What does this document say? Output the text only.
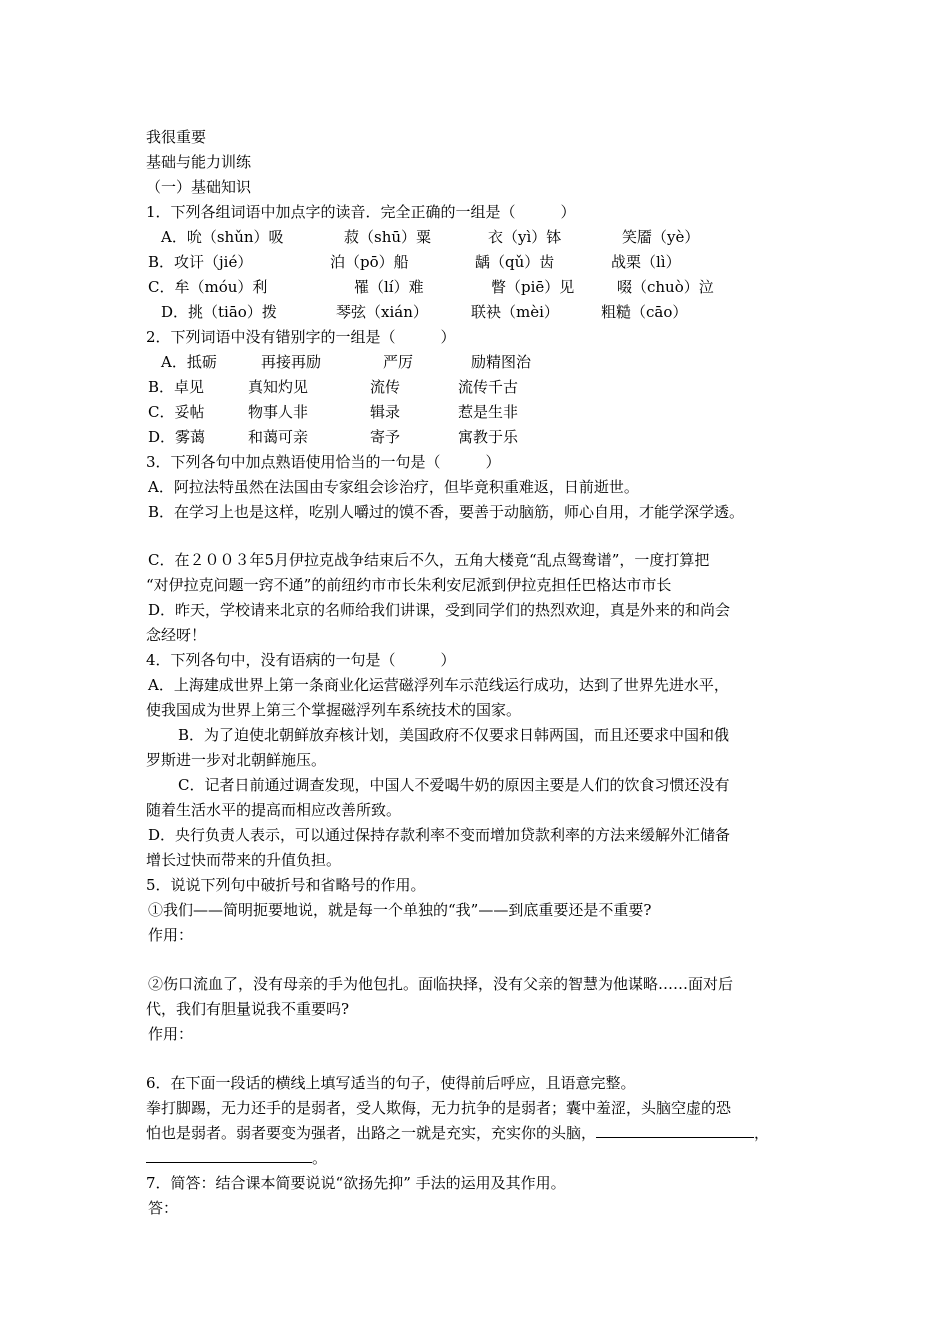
我很重要
基础与能力训练
（一）基础知识
1．下列各组词语中加点字的读音．完全正确的一组是（　　　）
A．吮（shǔn）吸	菽（shū）粟	衣（yì）钵	笑靥（yè）
B．攻讦（jié）	泊（pō）船	龋（qǔ）齿	战栗（lì）
C．牟（móu）利	罹（lí）难	瞥（piē）见	啜（chuò）泣
D．挑（tiāo）拨	琴弦（xián）	联袂（mèi）	粗糙（cāo）
2．下列词语中没有错别字的一组是（　　　）
A．抵砺	再接再励	严厉	励精图治
B．卓见	真知灼见	流传	流传千古
C．妥帖	物事人非	辑录	惹是生非
D．雾蔼	和蔼可亲	寄予	寓教于乐
3．下列各句中加点熟语使用恰当的一句是（　　　）
A．阿拉法特虽然在法国由专家组会诊治疗，但毕竟积重难返，日前逝世。
B．在学习上也是这样，吃别人嚼过的馍不香，要善于动脑筋，师心自用，才能学深学透。
C．在２００３年5月伊拉克战争结束后不久，五角大楼竟“乱点鸳鸯谱”，一度打算把
“对伊拉克问题一窍不通”的前纽约市市长朱利安尼派到伊拉克担任巴格达市市长
D．昨天，学校请来北京的名师给我们讲课，受到同学们的热烈欢迎，真是外来的和尚会
念经呀！
4．下列各句中，没有语病的一句是（　　　）
A．上海建成世界上第一条商业化运营磁浮列车示范线运行成功，达到了世界先进水平，
使我国成为世界上第三个掌握磁浮列车系统技术的国家。
B．为了迫使北朝鲜放弃核计划，美国政府不仅要求日韩两国，而且还要求中国和俄
罗斯进一步对北朝鲜施压。
C．记者日前通过调查发现，中国人不爱喝牛奶的原因主要是人们的饮食习惯还没有
随着生活水平的提高而相应改善所致。
D．央行负责人表示，可以通过保持存款利率不变而增加贷款利率的方法来缓解外汇储备
增长过快而带来的升值负担。
5．说说下列句中破折号和省略号的作用。
①我们——简明扼要地说，就是每一个单独的“我”——到底重要还是不重要?
作用：
②伤口流血了，没有母亲的手为他包扎。面临抉择，没有父亲的智慧为他谋略……面对后
代，我们有胆量说我不重要吗?
作用：
6．在下面一段话的横线上填写适当的句子，使得前后呼应，且语意完整。
拳打脚踢，无力还手的是弱者，受人欺侮，无力抗争的是弱者；囊中羞涩，头脑空虚的恐
怕也是弱者。弱者要变为强者，出路之一就是充实，充实你的头脑，	，
。
7．简答：结合课本简要说说“欲扬先抑” 手法的运用及其作用。
答：
